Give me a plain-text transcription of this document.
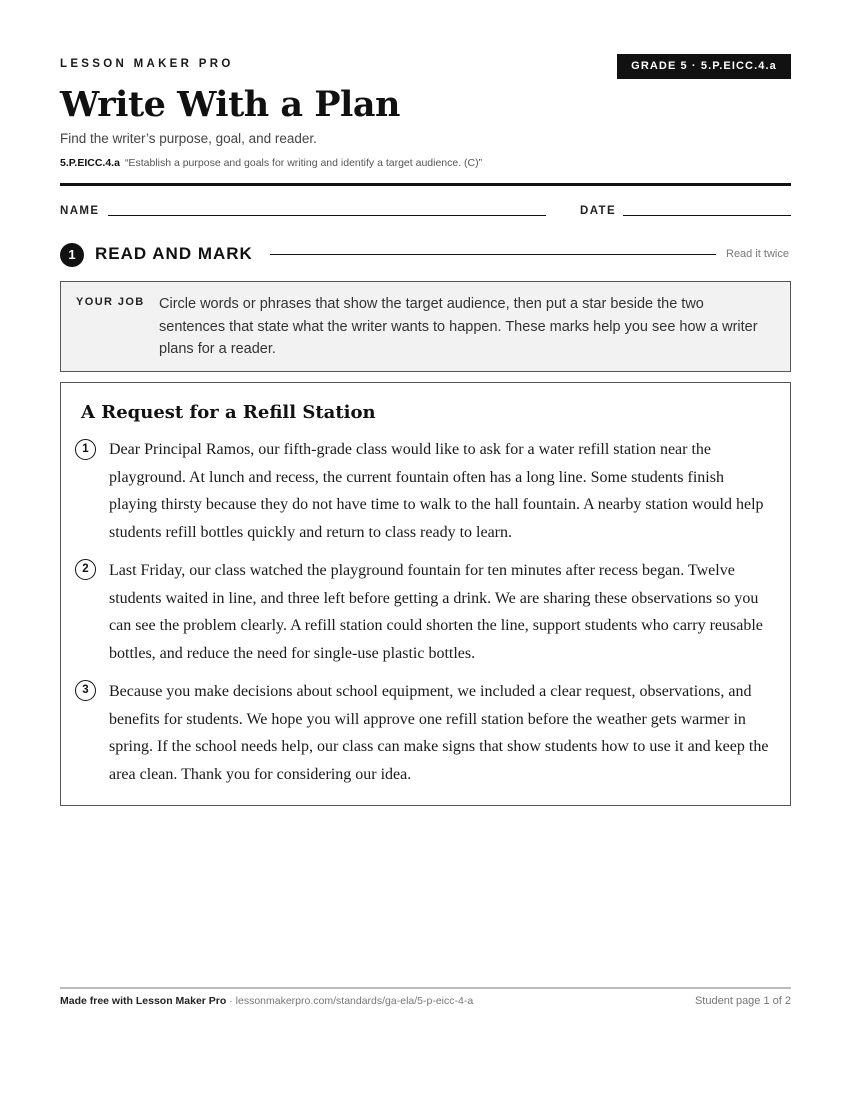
LESSON MAKER PRO	GRADE 5 · 5.P.EICC.4.a
Write With a Plan
Find the writer’s purpose, goal, and reader.
5.P.EICC.4.a “Establish a purpose and goals for writing and identify a target audience. (C)”
NAME	DATE
1	READ AND MARK	Read it twice
YOUR JOB Circle words or phrases that show the target audience, then put a star beside the two sentences that state what the writer wants to happen. These marks help you see how a writer plans for a reader.
A Request for a Refill Station
1	Dear Principal Ramos, our fifth-grade class would like to ask for a water refill station near the playground. At lunch and recess, the current fountain often has a long line. Some students finish playing thirsty because they do not have time to walk to the hall fountain. A nearby station would help students refill bottles quickly and return to class ready to learn.
2	Last Friday, our class watched the playground fountain for ten minutes after recess began. Twelve students waited in line, and three left before getting a drink. We are sharing these observations so you can see the problem clearly. A refill station could shorten the line, support students who carry reusable bottles, and reduce the need for single-use plastic bottles.
3	Because you make decisions about school equipment, we included a clear request, observations, and benefits for students. We hope you will approve one refill station before the weather gets warmer in spring. If the school needs help, our class can make signs that show students how to use it and keep the area clean. Thank you for considering our idea.
Made free with Lesson Maker Pro · lessonmakerpro.com/standards/ga-ela/5-p-eicc-4-a	Student page 1 of 2
